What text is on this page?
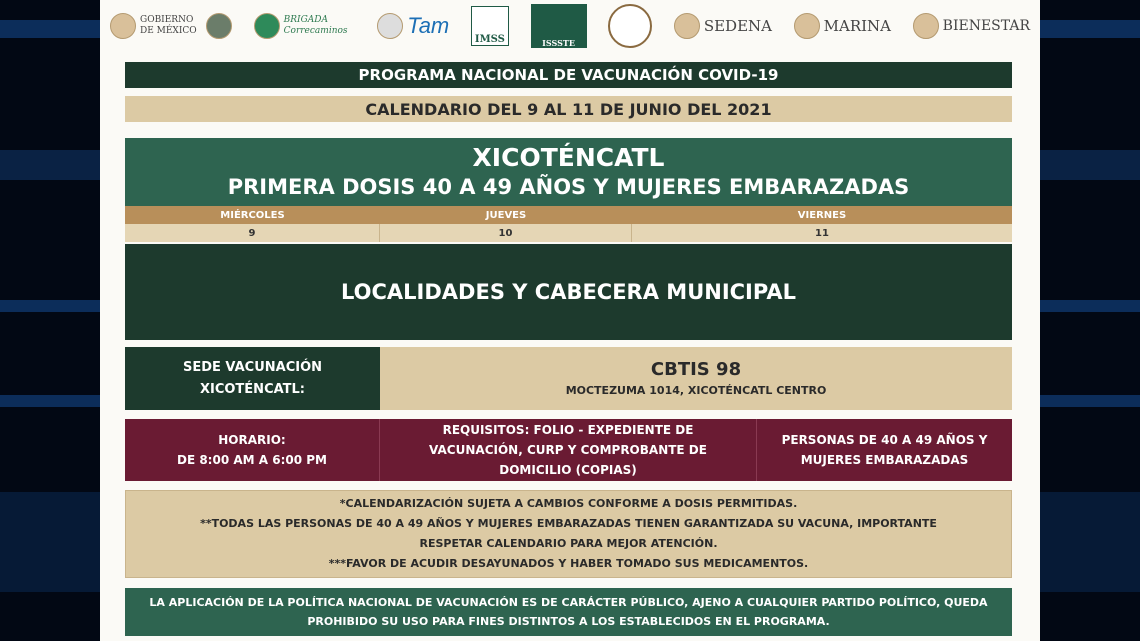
GOBIERNO DE MÉXICO
BRIGADA Correcaminos	Tam
IMSS	ISSSTE
SEDENA	MARINA	BIENESTAR
PROGRAMA NACIONAL DE VACUNACIÓN COVID-19
CALENDARIO DEL 9 AL 11 DE JUNIO DEL 2021
XICOTÉNCATL
PRIMERA DOSIS 40 A 49 AÑOS Y MUJERES EMBARAZADAS
MIÉRCOLES	JUEVES	VIERNES
9	10	11
LOCALIDADES Y CABECERA MUNICIPAL
SEDE VACUNACIÓN XICOTÉNCATL:
CBTIS 98
MOCTEZUMA 1014, XICOTÉNCATL CENTRO
HORARIO:
DE 8:00 AM A 6:00 PM
REQUISITOS: FOLIO - EXPEDIENTE DE VACUNACIÓN, CURP Y COMPROBANTE DE DOMICILIO (COPIAS)
PERSONAS DE 40 A 49 AÑOS Y MUJERES EMBARAZADAS
*CALENDARIZACIÓN SUJETA A CAMBIOS CONFORME A DOSIS PERMITIDAS.
**TODAS LAS PERSONAS DE 40 A 49 AÑOS Y MUJERES EMBARAZADAS TIENEN GARANTIZADA SU VACUNA, IMPORTANTE RESPETAR CALENDARIO PARA MEJOR ATENCIÓN.
***FAVOR DE ACUDIR DESAYUNADOS Y HABER TOMADO SUS MEDICAMENTOS.
LA APLICACIÓN DE LA POLÍTICA NACIONAL DE VACUNACIÓN ES DE CARÁCTER PÚBLICO, AJENO A CUALQUIER PARTIDO POLÍTICO, QUEDA PROHIBIDO SU USO PARA FINES DISTINTOS A LOS ESTABLECIDOS EN EL PROGRAMA.
